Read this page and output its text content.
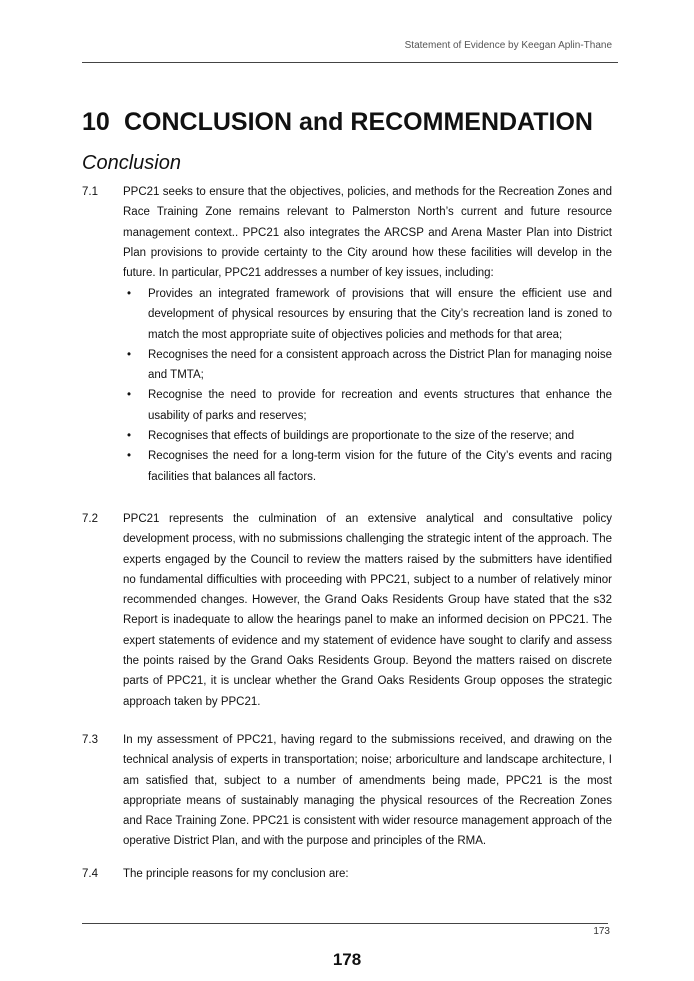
Statement of Evidence by Keegan Aplin-Thane
10 CONCLUSION and RECOMMENDATION
Conclusion
7.1 PPC21 seeks to ensure that the objectives, policies, and methods for the Recreation Zones and Race Training Zone remains relevant to Palmerston North’s current and future resource management context.. PPC21 also integrates the ARCSP and Arena Master Plan into District Plan provisions to provide certainty to the City around how these facilities will develop in the future. In particular, PPC21 addresses a number of key issues, including:
• Provides an integrated framework of provisions that will ensure the efficient use and development of physical resources by ensuring that the City’s recreation land is zoned to match the most appropriate suite of objectives policies and methods for that area;
• Recognises the need for a consistent approach across the District Plan for managing noise and TMTA;
• Recognise the need to provide for recreation and events structures that enhance the usability of parks and reserves;
• Recognises that effects of buildings are proportionate to the size of the reserve; and
• Recognises the need for a long-term vision for the future of the City’s events and racing facilities that balances all factors.
7.2 PPC21 represents the culmination of an extensive analytical and consultative policy development process, with no submissions challenging the strategic intent of the approach. The experts engaged by the Council to review the matters raised by the submitters have identified no fundamental difficulties with proceeding with PPC21, subject to a number of relatively minor recommended changes. However, the Grand Oaks Residents Group have stated that the s32 Report is inadequate to allow the hearings panel to make an informed decision on PPC21. The expert statements of evidence and my statement of evidence have sought to clarify and assess the points raised by the Grand Oaks Residents Group. Beyond the matters raised on discrete parts of PPC21, it is unclear whether the Grand Oaks Residents Group opposes the strategic approach taken by PPC21.
7.3 In my assessment of PPC21, having regard to the submissions received, and drawing on the technical analysis of experts in transportation; noise; arboriculture and landscape architecture, I am satisfied that, subject to a number of amendments being made, PPC21 is the most appropriate means of sustainably managing the physical resources of the Recreation Zones and Race Training Zone. PPC21 is consistent with wider resource management approach of the operative District Plan, and with the purpose and principles of the RMA.
7.4 The principle reasons for my conclusion are:
173
178
